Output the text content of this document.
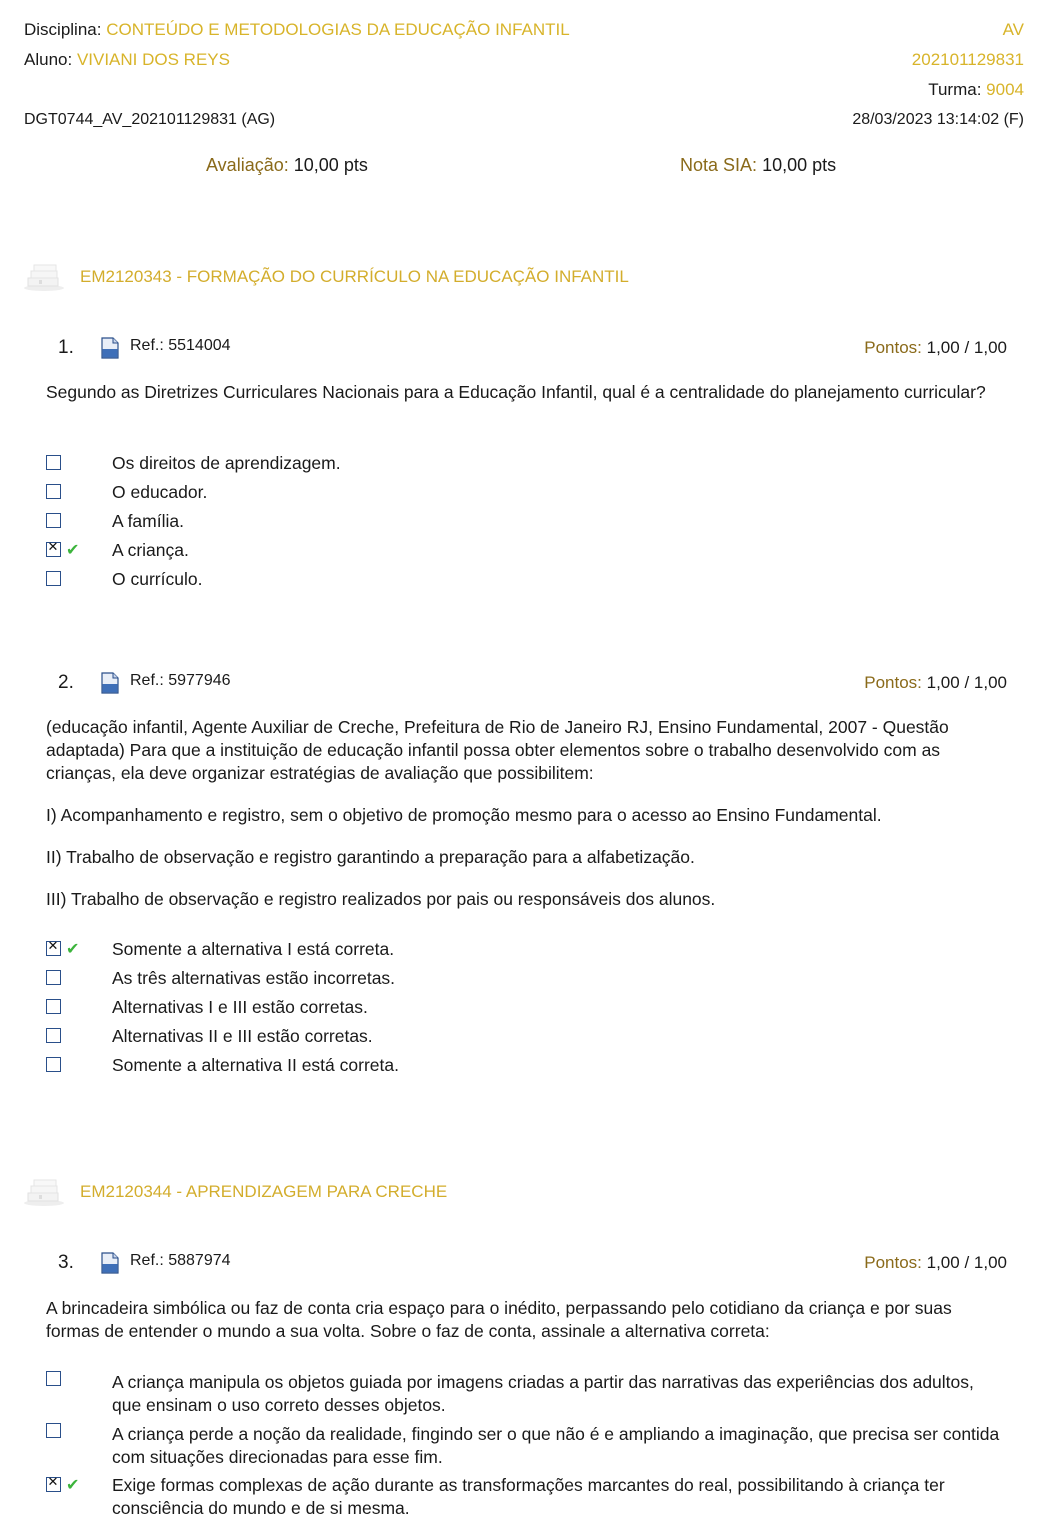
Disciplina: CONTEÚDO E METODOLOGIAS DA EDUCAÇÃO INFANTIL	AV
Aluno: VIVIANI DOS REYS	202101129831
Turma: 9004
DGT0744_AV_202101129831 (AG)	28/03/2023 13:14:02 (F)
Avaliação: 10,00 pts	Nota SIA: 10,00 pts
EM2120343 - FORMAÇÃO DO CURRÍCULO NA EDUCAÇÃO INFANTIL
1.	Ref.: 5514004	Pontos: 1,00 / 1,00

Segundo as Diretrizes Curriculares Nacionais para a Educação Infantil, qual é a centralidade do planejamento curricular?

Os direitos de aprendizagem.
O educador.
A família.
✕
✔ A criança.
O currículo.
2.	Ref.: 5977946	Pontos: 1,00 / 1,00

(educação infantil, Agente Auxiliar de Creche, Prefeitura de Rio de Janeiro RJ, Ensino Fundamental, 2007 - Questão adaptada) Para que a instituição de educação infantil possa obter elementos sobre o trabalho desenvolvido com as crianças, ela deve organizar estratégias de avaliação que possibilitem:

I) Acompanhamento e registro, sem o objetivo de promoção mesmo para o acesso ao Ensino Fundamental.

II) Trabalho de observação e registro garantindo a preparação para a alfabetização.

III) Trabalho de observação e registro realizados por pais ou responsáveis dos alunos.

✕
✔ Somente a alternativa I está correta.
As três alternativas estão incorretas.
Alternativas I e III estão corretas.
Alternativas II e III estão corretas.
Somente a alternativa II está correta.
EM2120344 - APRENDIZAGEM PARA CRECHE
3.	Ref.: 5887974	Pontos: 1,00 / 1,00

A brincadeira simbólica ou faz de conta cria espaço para o inédito, perpassando pelo cotidiano da criança e por suas formas de entender o mundo a sua volta. Sobre o faz de conta, assinale a alternativa correta:

A criança manipula os objetos guiada por imagens criadas a partir das narrativas das experiências dos adultos, que ensinam o uso correto desses objetos.
A criança perde a noção da realidade, fingindo ser o que não é e ampliando a imaginação, que precisa ser contida com situações direcionadas para esse fim.
✕
✔ Exige formas complexas de ação durante as transformações marcantes do real, possibilitando à criança ter consciência do mundo e de si mesma.
